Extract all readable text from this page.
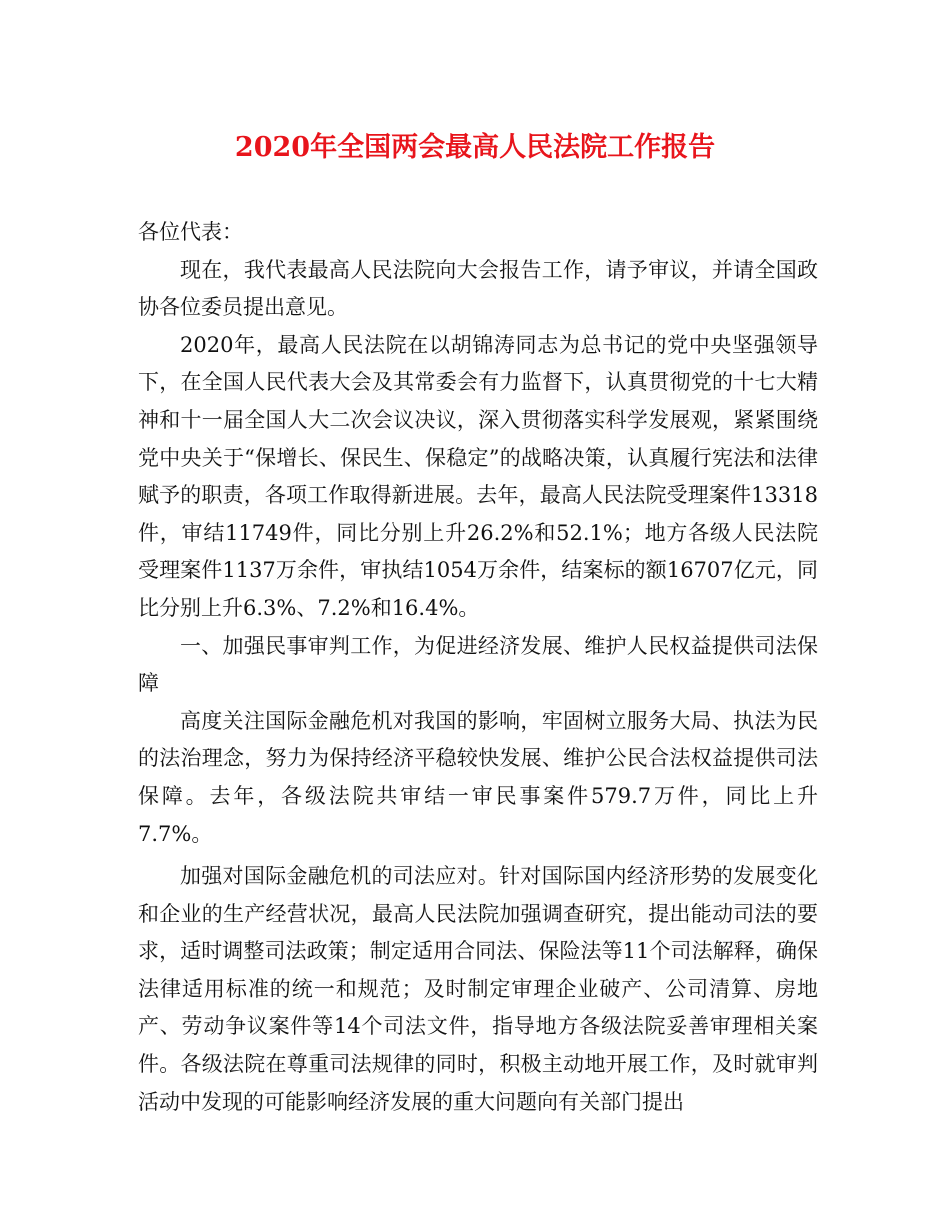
2020年全国两会最高人民法院工作报告

各位代表：

现在，我代表最高人民法院向大会报告工作，请予审议，并请全国政协各位委员提出意见。

2020年，最高人民法院在以胡锦涛同志为总书记的党中央坚强领导下，在全国人民代表大会及其常委会有力监督下，认真贯彻党的十七大精神和十一届全国人大二次会议决议，深入贯彻落实科学发展观，紧紧围绕党中央关于“保增长、保民生、保稳定”的战略决策，认真履行宪法和法律赋予的职责，各项工作取得新进展。去年，最高人民法院受理案件13318件，审结11749件，同比分别上升26.2%和52.1%；地方各级人民法院受理案件1137万余件，审执结1054万余件，结案标的额16707亿元，同比分别上升6.3%、7.2%和16.4%。

一、加强民事审判工作，为促进经济发展、维护人民权益提供司法保障

高度关注国际金融危机对我国的影响，牢固树立服务大局、执法为民的法治理念，努力为保持经济平稳较快发展、维护公民合法权益提供司法保障。去年，各级法院共审结一审民事案件579.7万件，同比上升7.7%。

加强对国际金融危机的司法应对。针对国际国内经济形势的发展变化和企业的生产经营状况，最高人民法院加强调查研究，提出能动司法的要求，适时调整司法政策；制定适用合同法、保险法等11个司法解释，确保法律适用标准的统一和规范；及时制定审理企业破产、公司清算、房地产、劳动争议案件等14个司法文件，指导地方各级法院妥善审理相关案件。各级法院在尊重司法规律的同时，积极主动地开展工作，及时就审判活动中发现的可能影响经济发展的重大问题向有关部门提出
